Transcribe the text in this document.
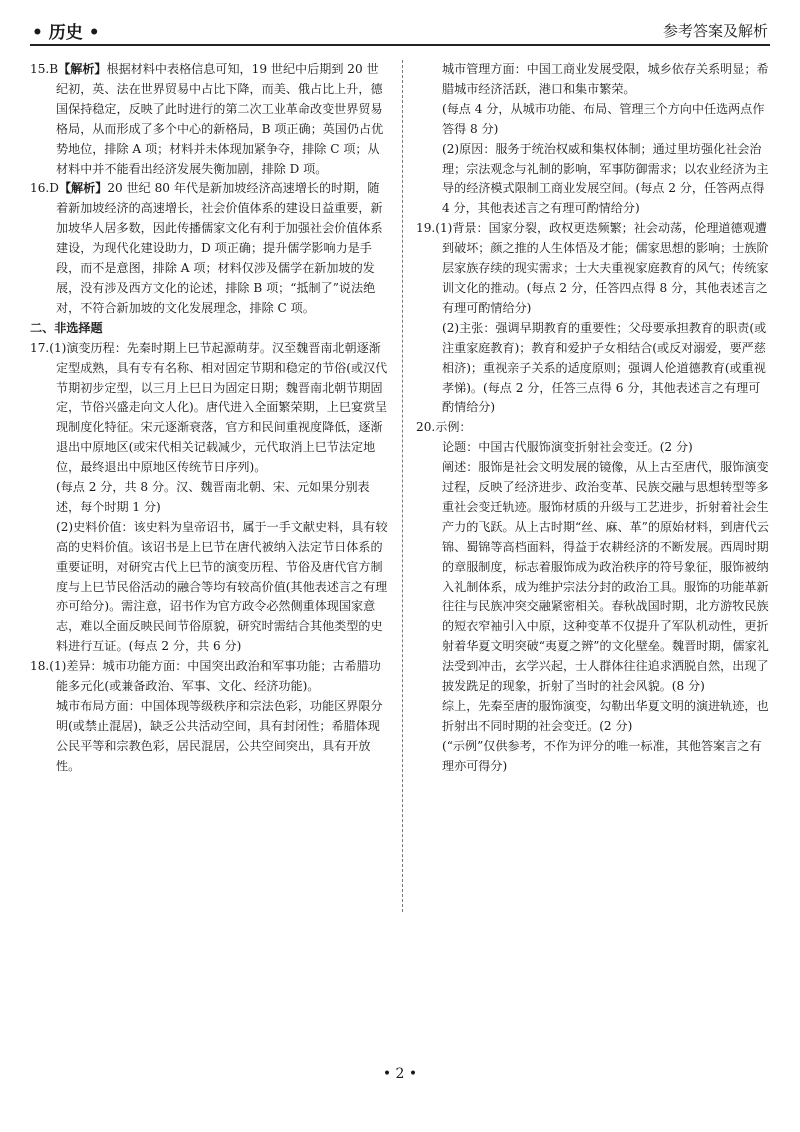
• 历史 •	参考答案及解析

15.B【解析】根据材料中表格信息可知，19 世纪中后期到 20 世纪初，英、法在世界贸易中占比下降，而美、俄占比上升，德国保持稳定，反映了此时进行的第二次工业革命改变世界贸易格局，从而形成了多个中心的新格局，B 项正确；英国仍占优势地位，排除 A 项；材料并未体现加紧争夺，排除 C 项；从材料中并不能看出经济发展失衡加剧，排除 D 项。

16.D【解析】20 世纪 80 年代是新加坡经济高速增长的时期，随着新加坡经济的高速增长，社会价值体系的建设日益重要，新加坡华人居多数，因此传播儒家文化有利于加强社会价值体系建设，为现代化建设助力，D 项正确；提升儒学影响力是手段，而不是意图，排除 A 项；材料仅涉及儒学在新加坡的发展，没有涉及西方文化的论述，排除 B 项；“抵制了”说法绝对，不符合新加坡的文化发展理念，排除 C 项。

二、非选择题

17.(1)演变历程：先秦时期上巳节起源萌芽。汉至魏晋南北朝逐渐定型成熟，具有专有名称、相对固定节期和稳定的节俗(或汉代节期初步定型，以三月上巳日为固定日期；魏晋南北朝节期固定，节俗兴盛走向文人化)。唐代进入全面繁荣期，上巳宴赏呈现制度化特征。宋元逐渐衰落，官方和民间重视度降低，逐渐退出中原地区(或宋代相关记载减少，元代取消上巳节法定地位，最终退出中原地区传统节日序列)。

(每点 2 分，共 8 分。汉、魏晋南北朝、宋、元如果分别表述，每个时期 1 分)

(2)史料价值：该史料为皇帝诏书，属于一手文献史料，具有较高的史料价值。该诏书是上巳节在唐代被纳入法定节日体系的重要证明，对研究古代上巳节的演变历程、节俗及唐代官方制度与上巳节民俗活动的融合等均有较高价值(其他表述言之有理亦可给分)。需注意，诏书作为官方政令必然侧重体现国家意志，难以全面反映民间节俗原貌，研究时需结合其他类型的史料进行互证。(每点 2 分，共 6 分)

18.(1)差异：城市功能方面：中国突出政治和军事功能；古希腊功能多元化(或兼备政治、军事、文化、经济功能)。

城市布局方面：中国体现等级秩序和宗法色彩，功能区界限分明(或禁止混居)，缺乏公共活动空间，具有封闭性；希腊体现公民平等和宗教色彩，居民混居，公共空间突出，具有开放性。

城市管理方面：中国工商业发展受限，城乡依存关系明显；希腊城市经济活跃，港口和集市繁荣。

(每点 4 分，从城市功能、布局、管理三个方向中任选两点作答得 8 分)

(2)原因：服务于统治权威和集权体制；通过里坊强化社会治理；宗法观念与礼制的影响，军事防御需求；以农业经济为主导的经济模式限制工商业发展空间。(每点 2 分，任答两点得 4 分，其他表述言之有理可酌情给分)

19.(1)背景：国家分裂，政权更迭频繁；社会动荡，伦理道德观遭到破坏；颜之推的人生体悟及才能；儒家思想的影响；士族阶层家族存续的现实需求；士大夫重视家庭教育的风气；传统家训文化的推动。(每点 2 分，任答四点得 8 分，其他表述言之有理可酌情给分)

(2)主张：强调早期教育的重要性；父母要承担教育的职责(或注重家庭教育)；教育和爱护子女相结合(或反对溺爱，要严慈相济)；重视亲子关系的适度原则；强调人伦道德教育(或重视孝悌)。(每点 2 分，任答三点得 6 分，其他表述言之有理可酌情给分)

20.示例：

论题：中国古代服饰演变折射社会变迁。(2 分)

阐述：服饰是社会文明发展的镜像，从上古至唐代，服饰演变过程，反映了经济进步、政治变革、民族交融与思想转型等多重社会变迁轨迹。服饰材质的升级与工艺进步，折射着社会生产力的飞跃。从上古时期“丝、麻、革”的原始材料，到唐代云锦、蜀锦等高档面料，得益于农耕经济的不断发展。西周时期的章服制度，标志着服饰成为政治秩序的符号象征，服饰被纳入礼制体系，成为维护宗法分封的政治工具。服饰的功能革新往往与民族冲突交融紧密相关。春秋战国时期，北方游牧民族的短衣窄袖引入中原，这种变革不仅提升了军队机动性，更折射着华夏文明突破“夷夏之辨”的文化壁垒。魏晋时期，儒家礼法受到冲击，玄学兴起，士人群体往往追求洒脱自然，出现了披发跣足的现象，折射了当时的社会风貌。(8 分)

综上，先秦至唐的服饰演变，勾勒出华夏文明的演进轨迹，也折射出不同时期的社会变迁。(2 分)

(“示例”仅供参考，不作为评分的唯一标准，其他答案言之有理亦可得分)

• 2 •
